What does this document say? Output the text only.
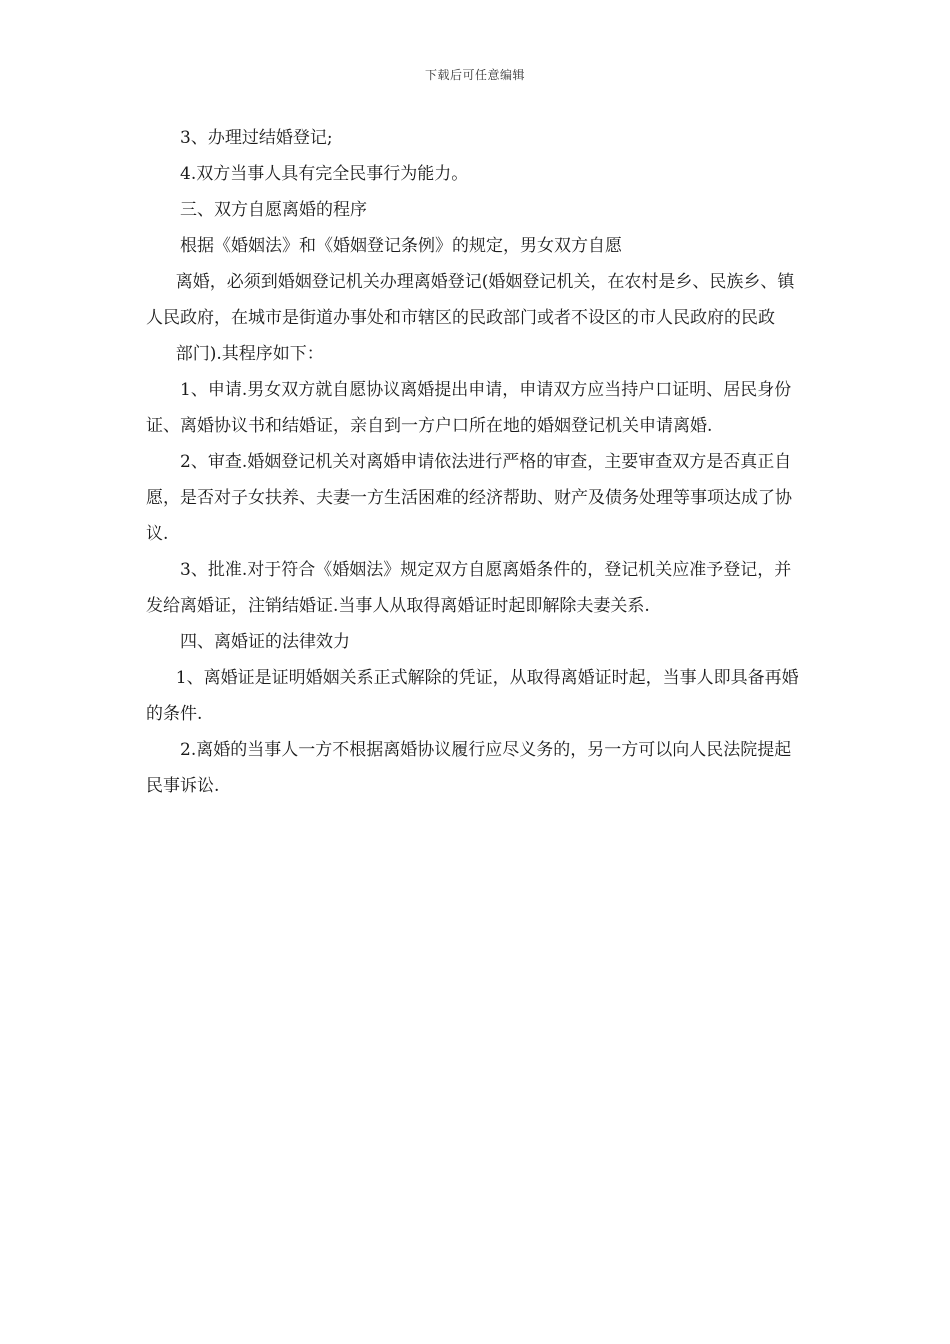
下载后可任意编辑

3、办理过结婚登记;

4.双方当事人具有完全民事行为能力。

三、双方自愿离婚的程序

根据《婚姻法》和《婚姻登记条例》的规定，男女双方自愿

离婚，必须到婚姻登记机关办理离婚登记(婚姻登记机关，在农村是乡、民族乡、镇人民政府，在城市是街道办事处和市辖区的民政部门或者不设区的市人民政府的民政

部门).其程序如下：

1、申请.男女双方就自愿协议离婚提出申请，申请双方应当持户口证明、居民身份证、离婚协议书和结婚证，亲自到一方户口所在地的婚姻登记机关申请离婚.

2、审查.婚姻登记机关对离婚申请依法进行严格的审查，主要审查双方是否真正自愿，是否对子女扶养、夫妻一方生活困难的经济帮助、财产及债务处理等事项达成了协议.

3、批准.对于符合《婚姻法》规定双方自愿离婚条件的，登记机关应准予登记，并发给离婚证，注销结婚证.当事人从取得离婚证时起即解除夫妻关系.

四、离婚证的法律效力

1、离婚证是证明婚姻关系正式解除的凭证，从取得离婚证时起，当事人即具备再婚 的条件.

2.离婚的当事人一方不根据离婚协议履行应尽义务的，另一方可以向人民法院提起民事诉讼.
